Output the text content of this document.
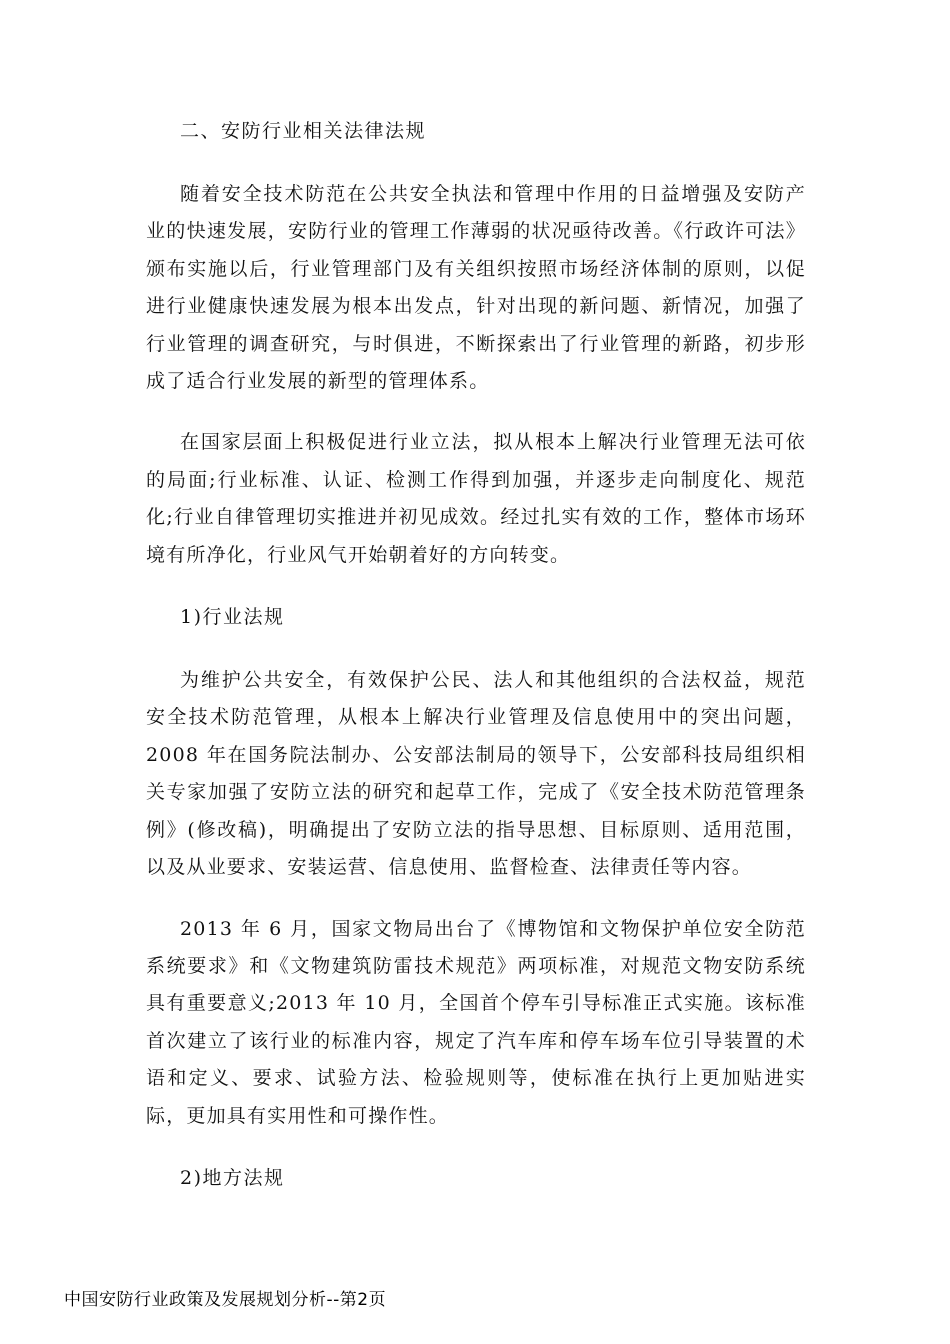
二、安防行业相关法律法规

随着安全技术防范在公共安全执法和管理中作用的日益增强及安防产业的快速发展，安防行业的管理工作薄弱的状况亟待改善。《行政许可法》颁布实施以后，行业管理部门及有关组织按照市场经济体制的原则，以促进行业健康快速发展为根本出发点，针对出现的新问题、新情况，加强了行业管理的调查研究，与时俱进，不断探索出了行业管理的新路，初步形成了适合行业发展的新型的管理体系。

在国家层面上积极促进行业立法，拟从根本上解决行业管理无法可依的局面;行业标准、认证、检测工作得到加强，并逐步走向制度化、规范化;行业自律管理切实推进并初见成效。经过扎实有效的工作，整体市场环境有所净化，行业风气开始朝着好的方向转变。

1)行业法规

为维护公共安全，有效保护公民、法人和其他组织的合法权益，规范安全技术防范管理，从根本上解决行业管理及信息使用中的突出问题，2008 年在国务院法制办、公安部法制局的领导下，公安部科技局组织相关专家加强了安防立法的研究和起草工作，完成了《安全技术防范管理条例》(修改稿)，明确提出了安防立法的指导思想、目标原则、适用范围，以及从业要求、安装运营、信息使用、监督检查、法律责任等内容。

2013 年 6 月，国家文物局出台了《博物馆和文物保护单位安全防范系统要求》和《文物建筑防雷技术规范》两项标准，对规范文物安防系统具有重要意义;2013 年 10 月，全国首个停车引导标准正式实施。该标准首次建立了该行业的标准内容，规定了汽车库和停车场车位引导装置的术语和定义、要求、试验方法、检验规则等，使标准在执行上更加贴进实际，更加具有实用性和可操作性。

2)地方法规
中国安防行业政策及发展规划分析--第2页
